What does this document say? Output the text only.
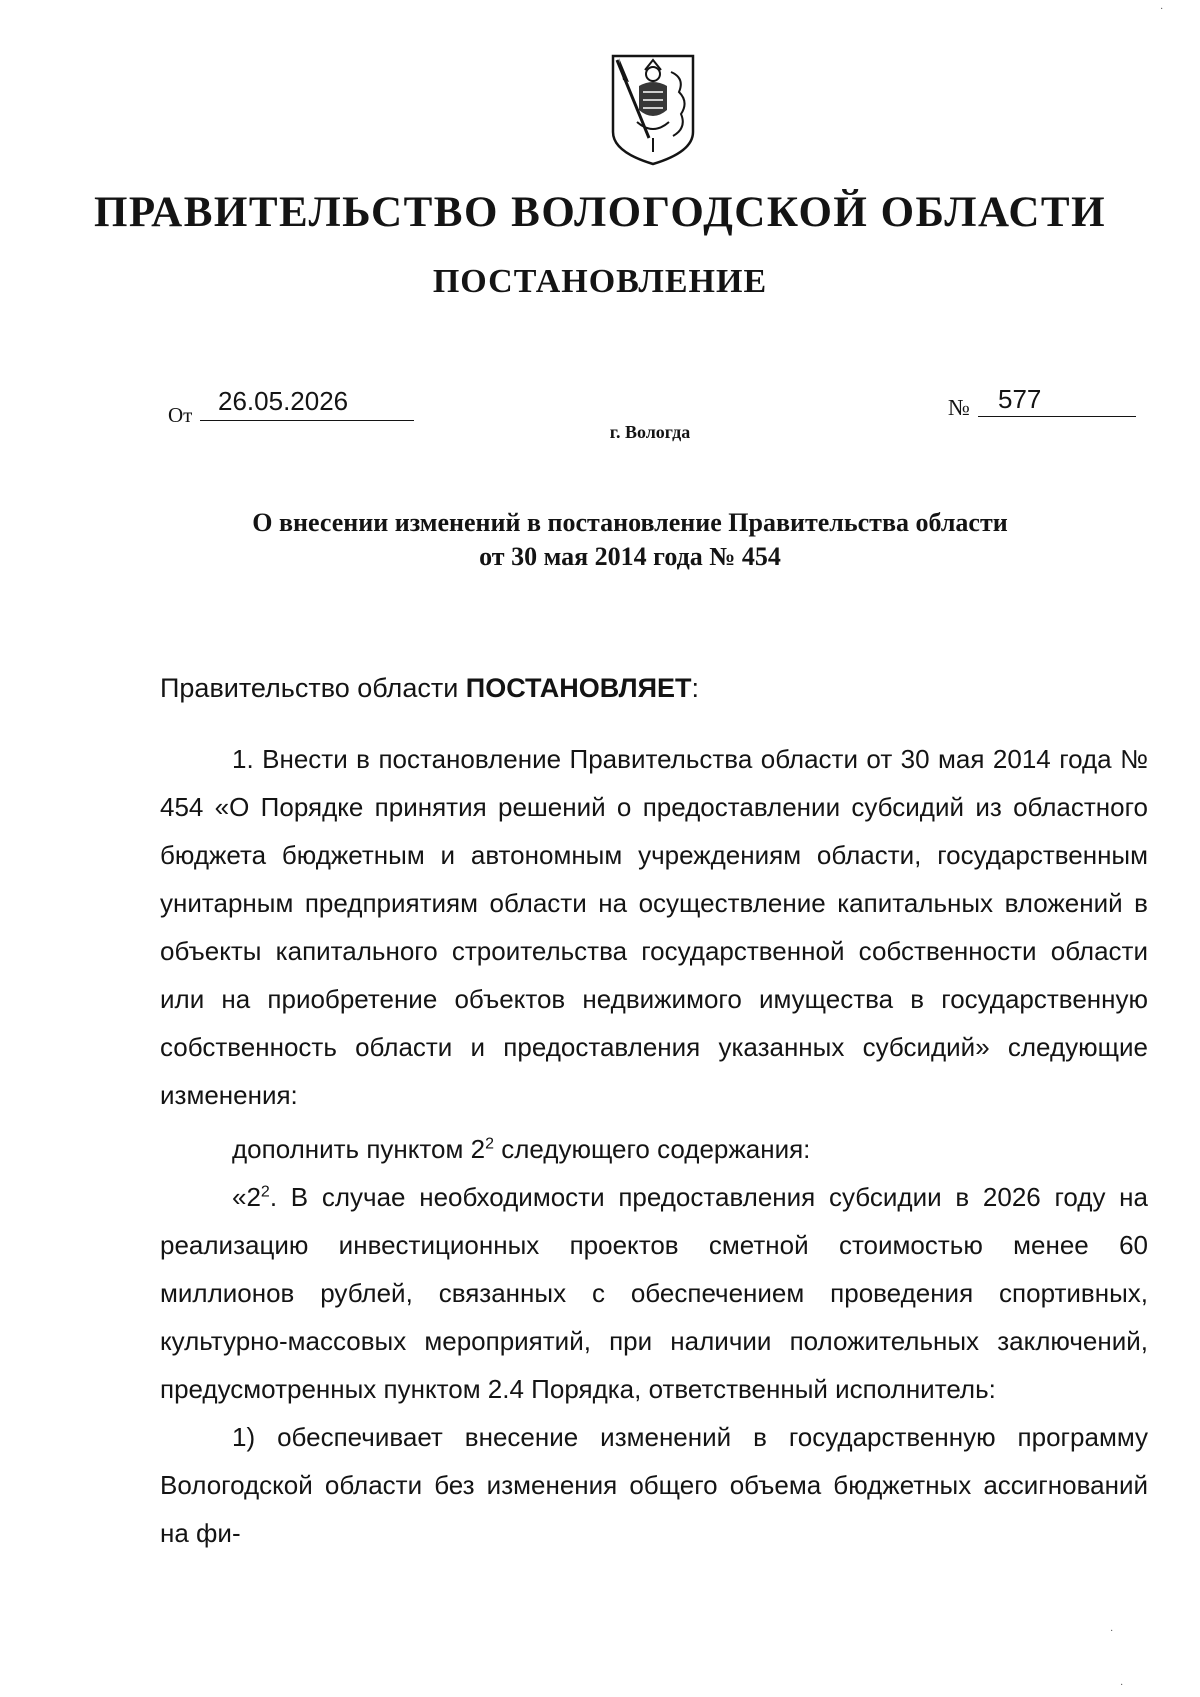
ПРАВИТЕЛЬСТВО ВОЛОГОДСКОЙ ОБЛАСТИ
ПОСТАНОВЛЕНИЕ
От 26.05.2026	№	577
г. Вологда
О внесении изменений в постановление Правительства области
от 30 мая 2014 года № 454

Правительство области ПОСТАНОВЛЯЕТ:

1. Внести в постановление Правительства области от 30 мая 2014 года № 454 «О Порядке принятия решений о предоставлении субсидий из областного бюджета бюджетным и автономным учреждениям области, государственным унитарным предприятиям области на осуществление капитальных вложений в объекты капитального строительства государственной собственности области или на приобретение объектов недвижимого имущества в государственную собственность области и предоставления указанных субсидий» следующие изменения:

дополнить пунктом $2^2$ следующего содержания:

«$2^2$. В случае необходимости предоставления субсидии в 2026 году на реализацию инвестиционных проектов сметной стоимостью менее 60 миллионов рублей, связанных с обеспечением проведения спортивных, культурно-массовых мероприятий, при наличии положительных заключений, предусмотренных пунктом 2.4 Порядка, ответственный исполнитель:

1) обеспечивает внесение изменений в государственную программу Вологодской области без изменения общего объема бюджетных ассигнований на фи-

·
·
·
